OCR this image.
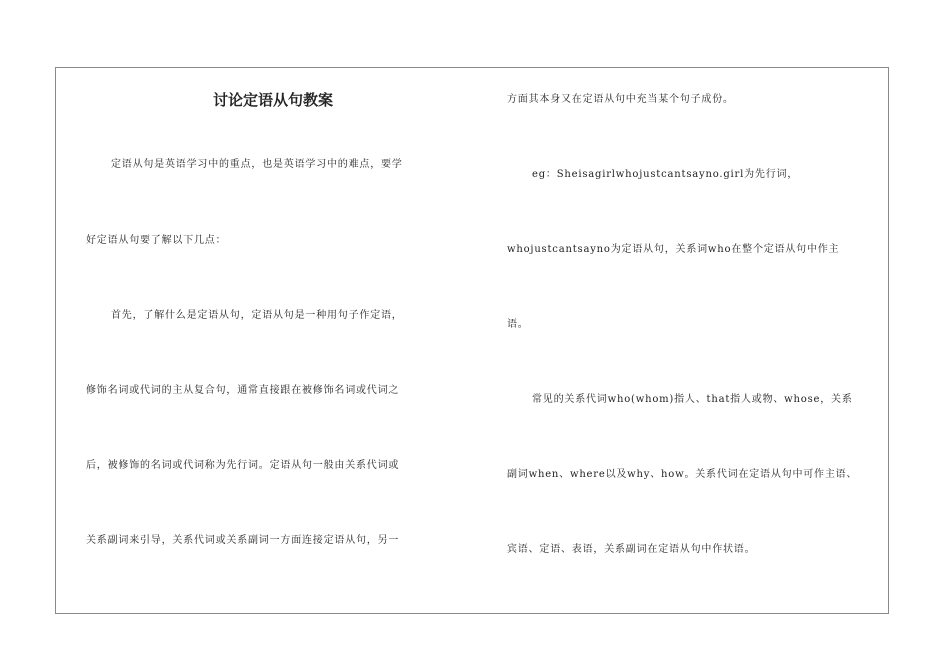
讨论定语从句教案

定语从句是英语学习中的重点，也是英语学习中的难点，要学

好定语从句要了解以下几点：

首先，了解什么是定语从句，定语从句是一种用句子作定语，

修饰名词或代词的主从复合句，通常直接跟在被修饰名词或代词之

后，被修饰的名词或代词称为先行词。定语从句一般由关系代词或

关系副词来引导，关系代词或关系副词一方面连接定语从句，另一

方面其本身又在定语从句中充当某个句子成份。

eg：Sheisagirlwhojustcantsayno.girl为先行词，

whojustcantsayno为定语从句，关系词who在整个定语从句中作主

语。

常见的关系代词who(whom)指人、that指人或物、whose，关系

副词when、where以及why、how。关系代词在定语从句中可作主语、

宾语、定语、表语，关系副词在定语从句中作状语。
